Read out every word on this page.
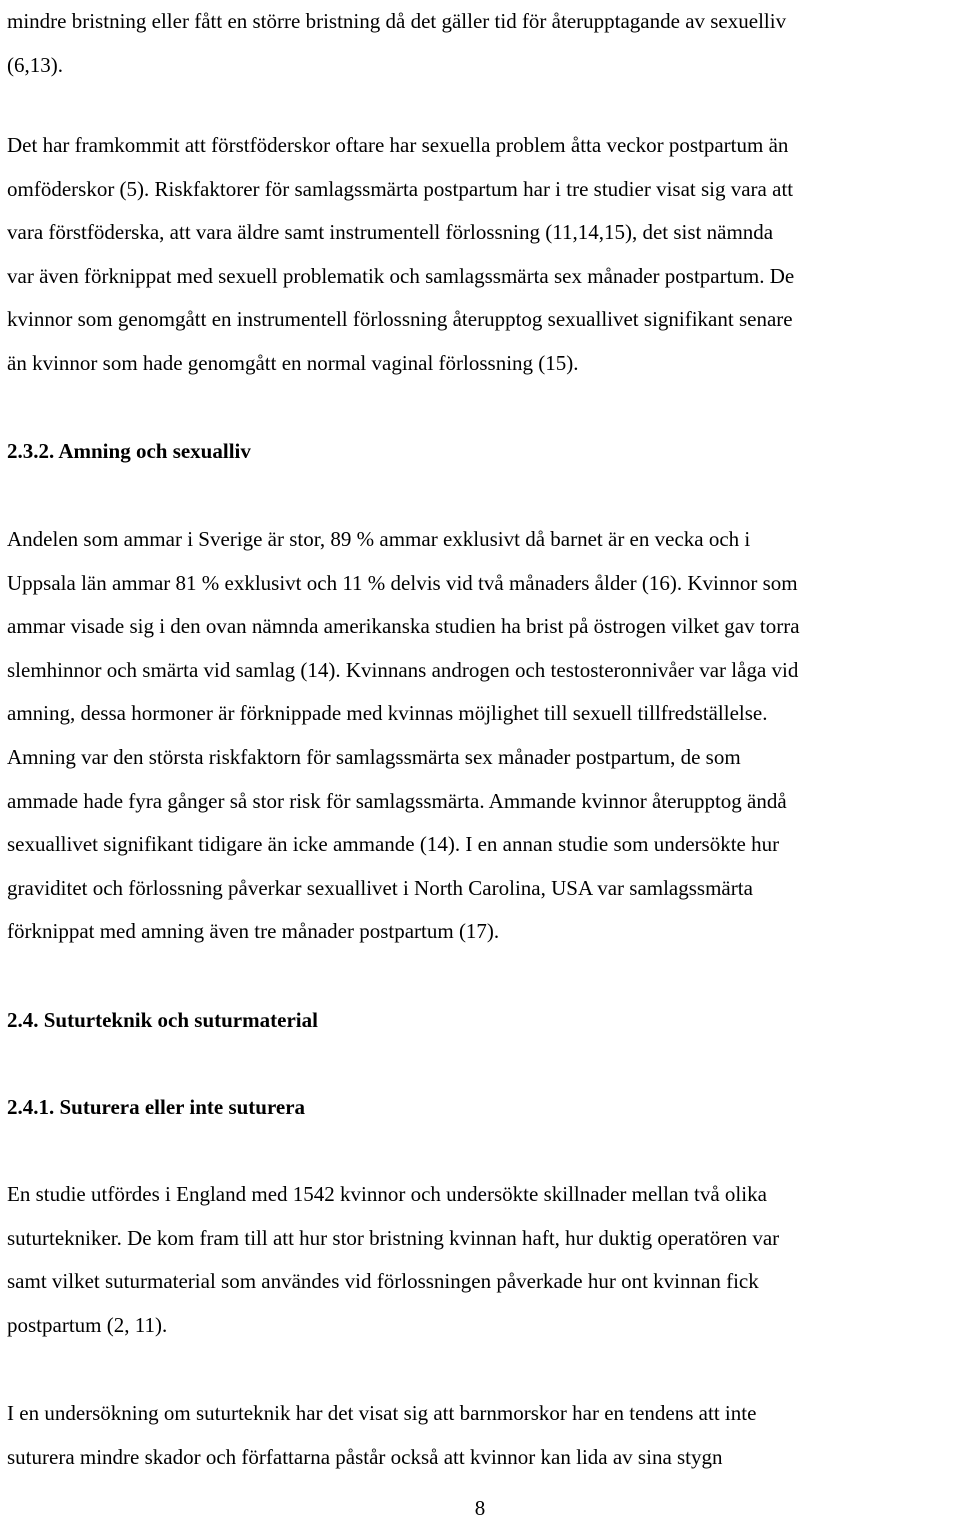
mindre bristning eller fått en större bristning då det gäller tid för återupptagande av sexuelliv
(6,13).
Det har framkommit att förstföderskor oftare har sexuella problem åtta veckor postpartum än
omföderskor (5). Riskfaktorer för samlagssmärta postpartum har i tre studier visat sig vara att
vara förstföderska, att vara äldre samt instrumentell förlossning (11,14,15), det sist nämnda
var även förknippat med sexuell problematik och samlagssmärta sex månader postpartum. De
kvinnor som genomgått en instrumentell förlossning återupptog sexuallivet signifikant senare
än kvinnor som hade genomgått en normal vaginal förlossning (15).
2.3.2. Amning och sexualliv
Andelen som ammar i Sverige är stor, 89 % ammar exklusivt då barnet är en vecka och i
Uppsala län ammar 81 % exklusivt och 11 % delvis vid två månaders ålder (16). Kvinnor som
ammar visade sig i den ovan nämnda amerikanska studien ha brist på östrogen vilket gav torra
slemhinnor och smärta vid samlag (14). Kvinnans androgen och testosteronnivåer var låga vid
amning, dessa hormoner är förknippade med kvinnas möjlighet till sexuell tillfredställelse.
Amning var den största riskfaktorn för samlagssmärta sex månader postpartum, de som
ammade hade fyra gånger så stor risk för samlagssmärta. Ammande kvinnor återupptog ändå
sexuallivet signifikant tidigare än icke ammande (14). I en annan studie som undersökte hur
graviditet och förlossning påverkar sexuallivet i North Carolina, USA var samlagssmärta
förknippat med amning även tre månader postpartum (17).
2.4. Suturteknik och suturmaterial
2.4.1. Suturera eller inte suturera
En studie utfördes i England med 1542 kvinnor och undersökte skillnader mellan två olika
suturtekniker. De kom fram till att hur stor bristning kvinnan haft, hur duktig operatören var
samt vilket suturmaterial som användes vid förlossningen påverkade hur ont kvinnan fick
postpartum (2, 11).
I en undersökning om suturteknik har det visat sig att barnmorskor har en tendens att inte
suturera mindre skador och författarna påstår också att kvinnor kan lida av sina stygn
8
